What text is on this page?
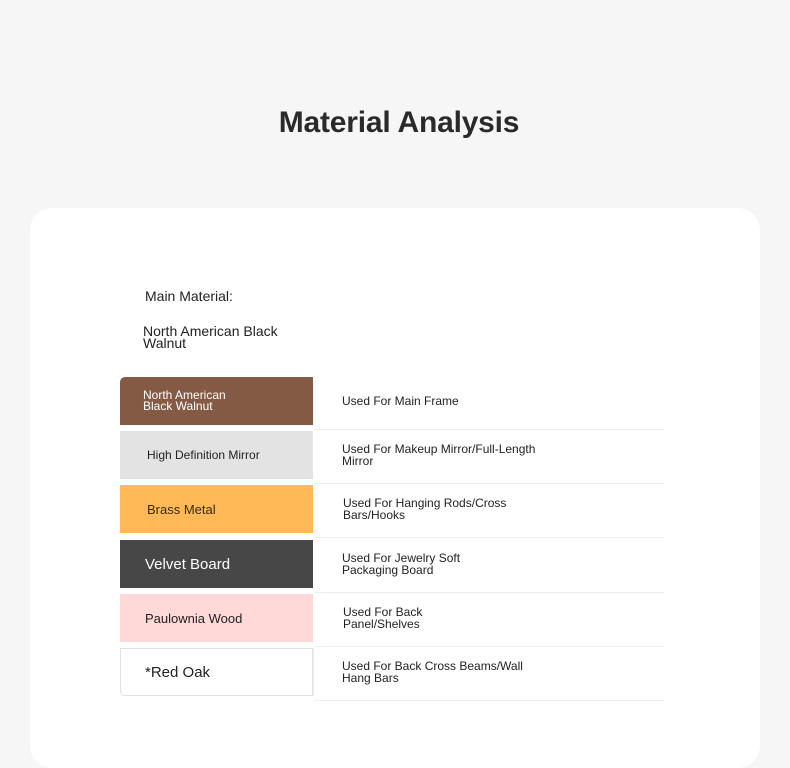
Material Analysis
Main Material:
North American Black Walnut
North American Black Walnut	Used For Main Frame
High Definition Mirror	Used For Makeup Mirror/Full-Length Mirror
Brass Metal	Used For Hanging Rods/Cross Bars/Hooks
Velvet Board	Used For Jewelry Soft Packaging Board
Paulownia Wood	Used For Back Panel/Shelves
*Red Oak	Used For Back Cross Beams/Wall Hang Bars
